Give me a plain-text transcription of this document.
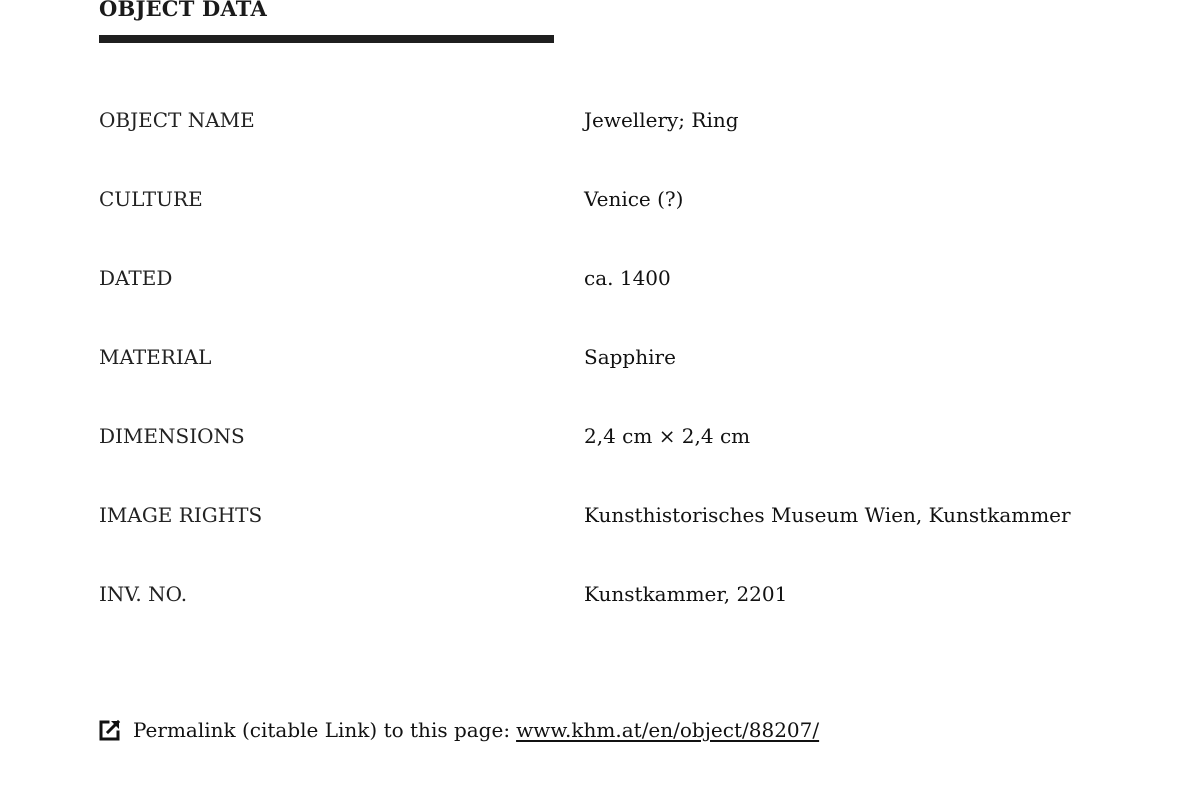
OBJECT DATA
OBJECT NAME	Jewellery; Ring
CULTURE	Venice (?)
DATED	ca. 1400
MATERIAL	Sapphire
DIMENSIONS	2,4 cm × 2,4 cm
IMAGE RIGHTS	Kunsthistorisches Museum Wien, Kunstkammer
INV. NO.	Kunstkammer, 2201
Permalink (citable Link) to this page: www.khm.at/en/object/88207/
